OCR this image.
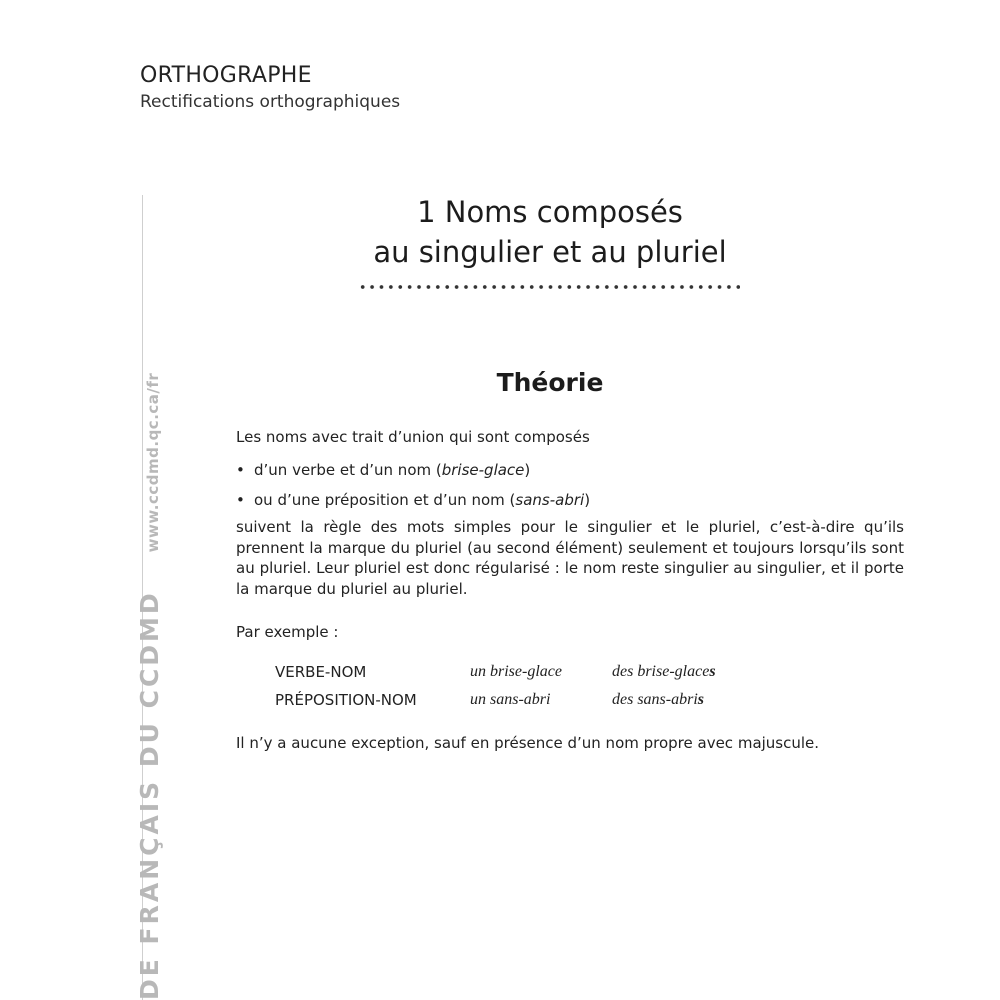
ORTHOGRAPHE
Rectifications orthographiques
DE FRANÇAIS DU CCDMDwww.ccdmd.qc.ca/fr
1 Noms composés
au singulier et au pluriel
Théorie
Les noms avec trait d’union qui sont composés
• d’un verbe et d’un nom (brise-glace)
• ou d’une préposition et d’un nom (sans-abri)
suivent la règle des mots simples pour le singulier et le pluriel, c’est-à-dire qu’ils prennent la marque du pluriel (au second élément) seulement et toujours lorsqu’ils sont au pluriel. Leur pluriel est donc régularisé : le nom reste singulier au singulier, et il porte la marque du pluriel au pluriel.
Par exemple :
VERBE-NOM	un brise-glace	des brise-glaces
PRÉPOSITION-NOM	un sans-abri	des sans-abris
Il n’y a aucune exception, sauf en présence d’un nom propre avec majuscule.
